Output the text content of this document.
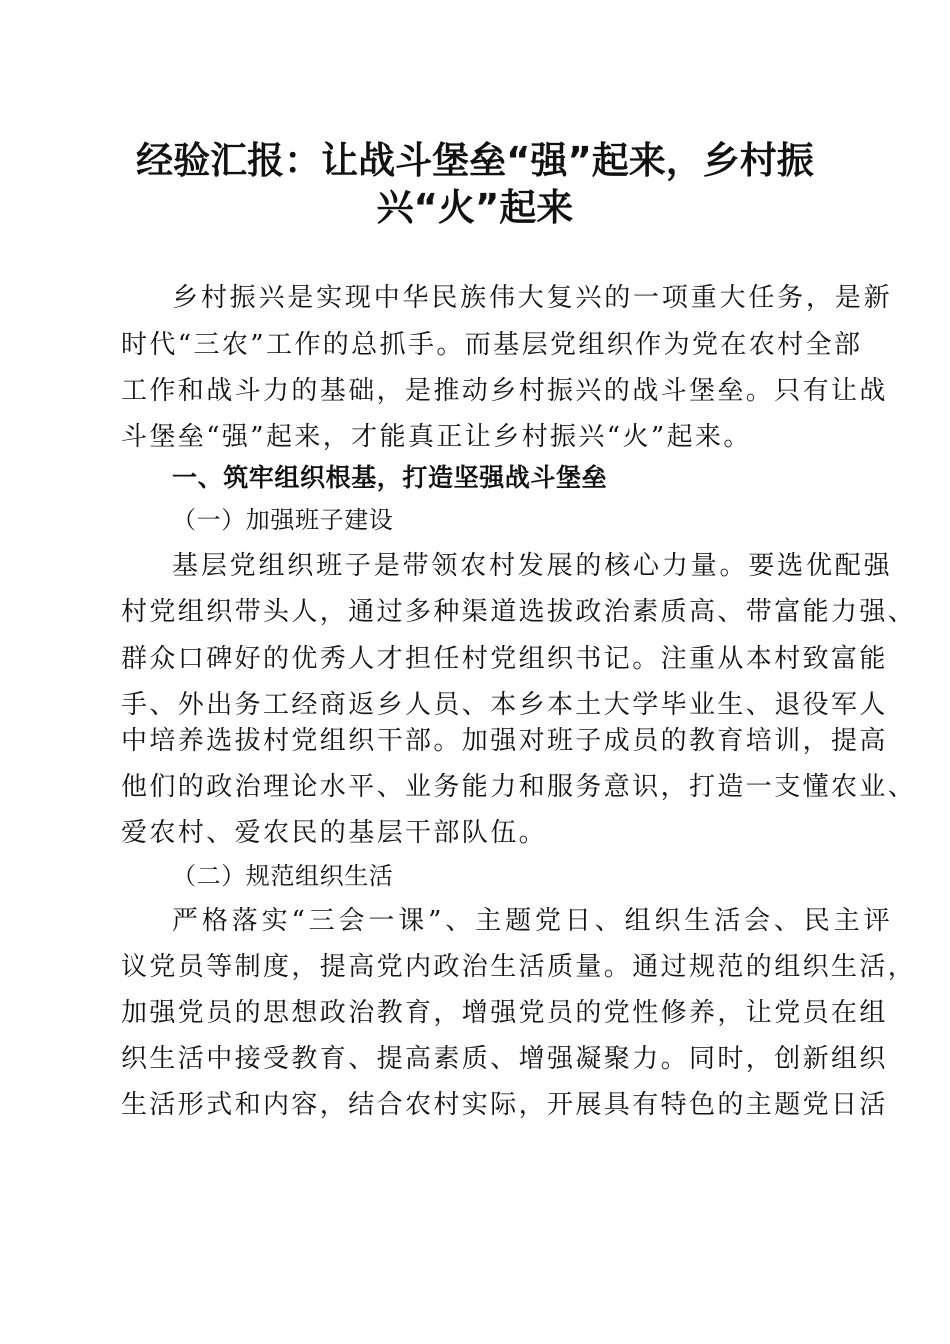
经验汇报：让战斗堡垒“强”起来，乡村振
兴“火”起来

乡村振兴是实现中华民族伟大复兴的一项重大任务，是新

时代“三农”工作的总抓手。而基层党组织作为党在农村全部

工作和战斗力的基础，是推动乡村振兴的战斗堡垒。只有让战

斗堡垒“强”起来，才能真正让乡村振兴“火”起来。

一、筑牢组织根基，打造坚强战斗堡垒

（一）加强班子建设

基层党组织班子是带领农村发展的核心力量。要选优配强

村党组织带头人，通过多种渠道选拔政治素质高、带富能力强、

群众口碑好的优秀人才担任村党组织书记。注重从本村致富能

手、外出务工经商返乡人员、本乡本土大学毕业生、退役军人

中培养选拔村党组织干部。加强对班子成员的教育培训，提高

他们的政治理论水平、业务能力和服务意识，打造一支懂农业、

爱农村、爱农民的基层干部队伍。

（二）规范组织生活

严格落实“三会一课”、主题党日、组织生活会、民主评

议党员等制度，提高党内政治生活质量。通过规范的组织生活，

加强党员的思想政治教育，增强党员的党性修养，让党员在组

织生活中接受教育、提高素质、增强凝聚力。同时，创新组织

生活形式和内容，结合农村实际，开展具有特色的主题党日活
